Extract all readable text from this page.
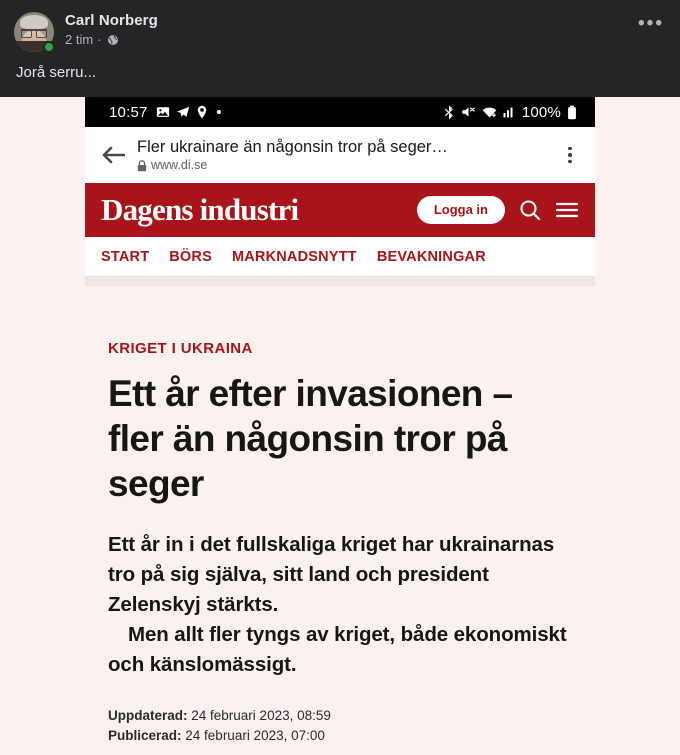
Carl Norberg
2 tim ·
•••
Jorå serru...
10:57	100%
Fler ukrainare än någonsin tror på seger…
www.di.se
Dagens industri	Logga in
START BÖRS MARKNADSNYTT BEVAKNINGAR
KRIGET I UKRAINA
Ett år efter invasionen – fler än någonsin tror på seger

Ett år in i det fullskaliga kriget har ukrainarnas tro på sig själva, sitt land och president Zelenskyj stärkts.
Men allt fler tyngs av kriget, både ekonomiskt och känslomässigt.

Uppdaterad: 24 februari 2023, 08:59
Publicerad: 24 februari 2023, 07:00
